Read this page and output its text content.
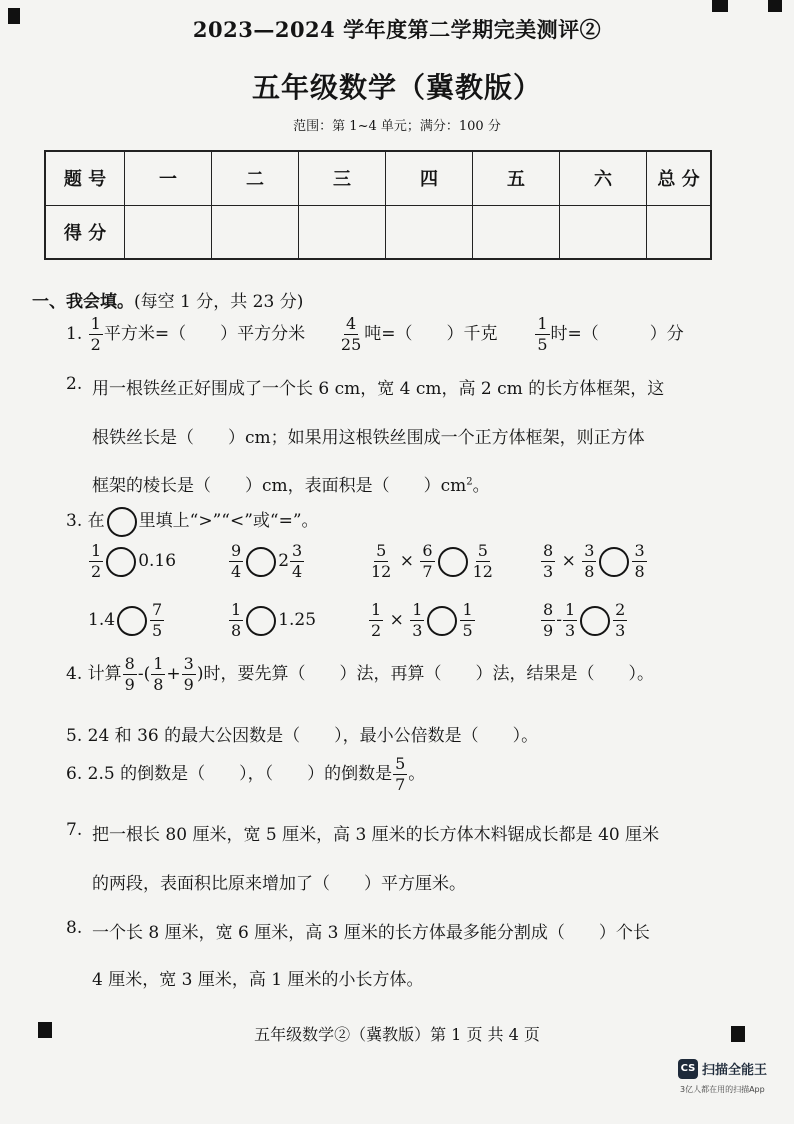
2023—2024 学年度第二学期完美测评②
五年级数学（冀教版）
范围：第 1~4 单元；满分：100 分
题 号	一	二	三	四	五	六	总 分
得 分							
一、我会填。(每空 1 分，共 23 分)
1. $\frac{1}{2}$ 平方米=（　　）平方分米 $\frac{4}{25}$ 吨=（　　）千克 $\frac{1}{5}$ 时=（　　　）分
2. 用一根铁丝正好围成了一个长 6 cm，宽 4 cm，高 2 cm 的长方体框架，这
根铁丝长是（　　）cm；如果用这根铁丝围成一个正方体框架，则正方体
框架的棱长是（　　）cm，表面积是（　　）$cm^2$。
3. 在 里填上“>”“<”或“=”。
$\frac{1}{2} 0.16$	$\frac{9}{4} 2 \frac{3}{4}$	$\frac{5}{12} \times \frac{6}{7} \frac{5}{12}$	$\frac{8}{3} \times \frac{3}{8} \frac{3}{8}$
$1.4 \frac{7}{5}$	$\frac{1}{8} 1.25$	$\frac{1}{2} \times \frac{1}{3} \frac{1}{5}$	$\frac{8}{9} - \frac{1}{3} \frac{2}{3}$
4. 计算 $\frac{8}{9}$ -( $\frac{1}{8} + \frac{3}{9}$ )时，要先算（　　）法，再算（　　）法，结果是（　　）。
5. 24 和 36 的最大公因数是（　　），最小公倍数是（　　）。
6. 2.5 的倒数是（　　），（　　）的倒数是 $\frac{5}{7}$ 。
7. 把一根长 80 厘米，宽 5 厘米，高 3 厘米的长方体木料锯成长都是 40 厘米
的两段，表面积比原来增加了（　　）平方厘米。
8. 一个长 8 厘米，宽 6 厘米，高 3 厘米的长方体最多能分割成（　　）个长
4 厘米，宽 3 厘米，高 1 厘米的小长方体。
五年级数学②（冀教版）第 1 页 共 4 页
CS 扫描全能王
3亿人都在用的扫描App
